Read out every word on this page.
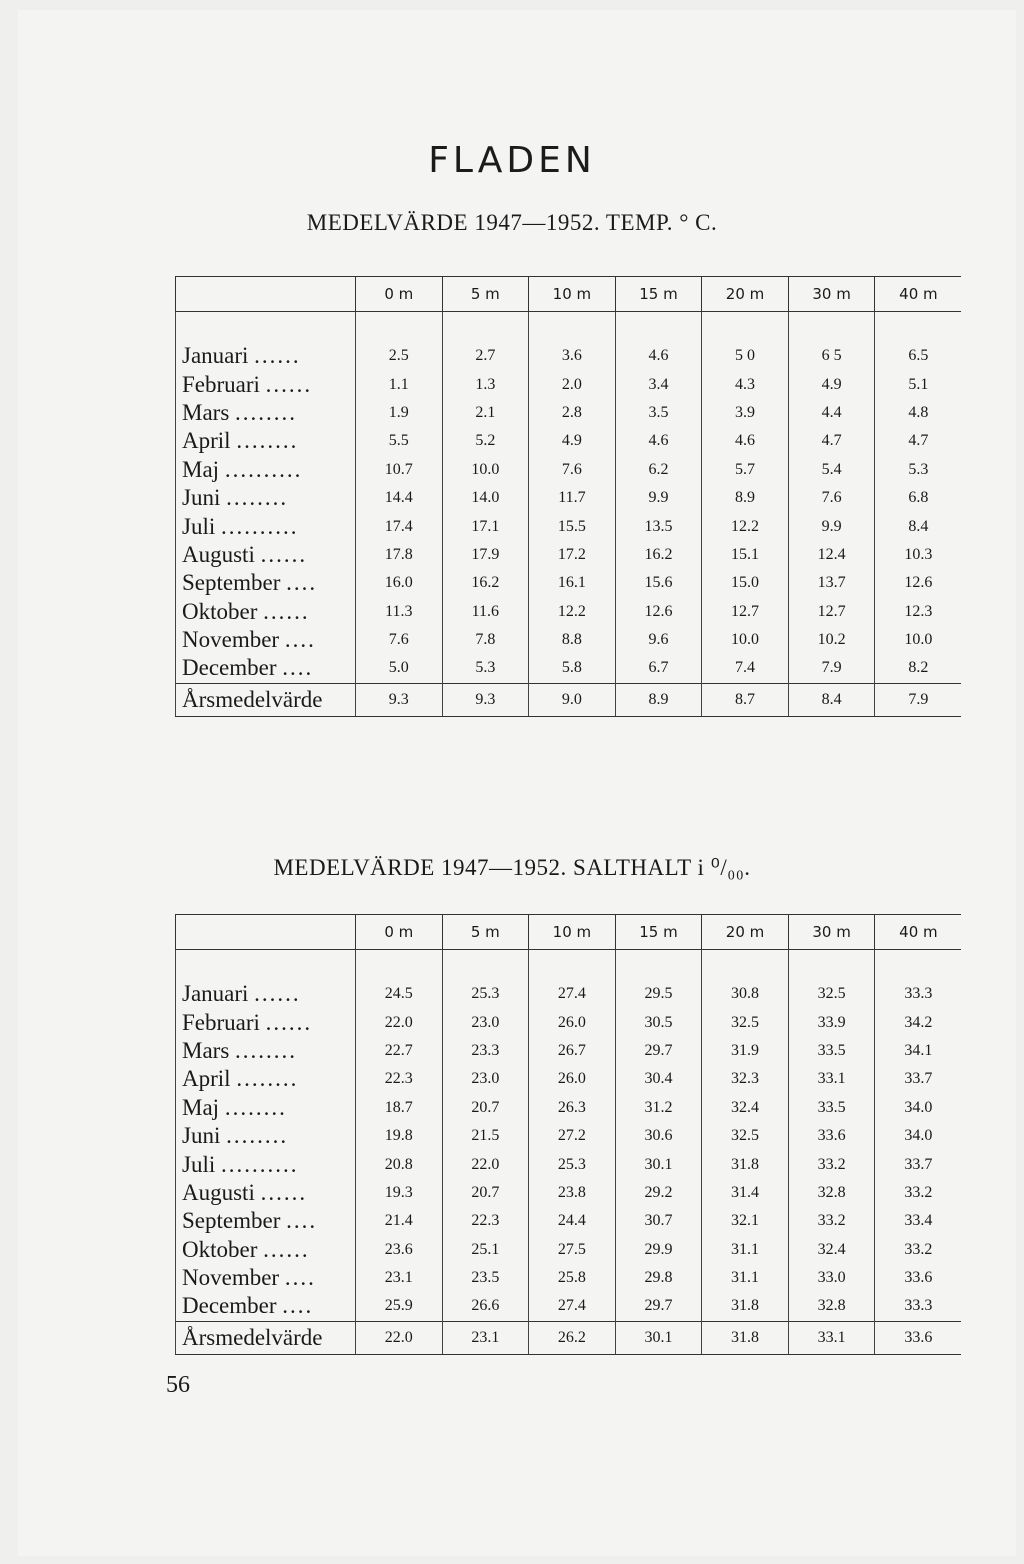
FLADEN
MEDELVÄRDE 1947—1952. TEMP. ° C.
	0 m	5 m	10 m	15 m	20 m	30 m	40 m

Januari ......	2.5	2.7	3.6	4.6	5 0	6 5	6.5
Februari ......	1.1	1.3	2.0	3.4	4.3	4.9	5.1
Mars ........	1.9	2.1	2.8	3.5	3.9	4.4	4.8
April ........	5.5	5.2	4.9	4.6	4.6	4.7	4.7
Maj ..........	10.7	10.0	7.6	6.2	5.7	5.4	5.3
Juni ........	14.4	14.0	11.7	9.9	8.9	7.6	6.8
Juli ..........	17.4	17.1	15.5	13.5	12.2	9.9	8.4
Augusti ......	17.8	17.9	17.2	16.2	15.1	12.4	10.3
September ....	16.0	16.2	16.1	15.6	15.0	13.7	12.6
Oktober ......	11.3	11.6	12.2	12.6	12.7	12.7	12.3
November ....	7.6	7.8	8.8	9.6	10.0	10.2	10.0
December ....	5.0	5.3	5.8	6.7	7.4	7.9	8.2
Årsmedelvärde	9.3	9.3	9.0	8.9	8.7	8.4	7.9
MEDELVÄRDE 1947—1952. SALTHALT i ⁰/₀₀.
	0 m	5 m	10 m	15 m	20 m	30 m	40 m

Januari ......	24.5	25.3	27.4	29.5	30.8	32.5	33.3
Februari ......	22.0	23.0	26.0	30.5	32.5	33.9	34.2
Mars ........	22.7	23.3	26.7	29.7	31.9	33.5	34.1
April ........	22.3	23.0	26.0	30.4	32.3	33.1	33.7
Maj ........	18.7	20.7	26.3	31.2	32.4	33.5	34.0
Juni ........	19.8	21.5	27.2	30.6	32.5	33.6	34.0
Juli ..........	20.8	22.0	25.3	30.1	31.8	33.2	33.7
Augusti ......	19.3	20.7	23.8	29.2	31.4	32.8	33.2
September ....	21.4	22.3	24.4	30.7	32.1	33.2	33.4
Oktober ......	23.6	25.1	27.5	29.9	31.1	32.4	33.2
November ....	23.1	23.5	25.8	29.8	31.1	33.0	33.6
December ....	25.9	26.6	27.4	29.7	31.8	32.8	33.3
Årsmedelvärde	22.0	23.1	26.2	30.1	31.8	33.1	33.6
56
